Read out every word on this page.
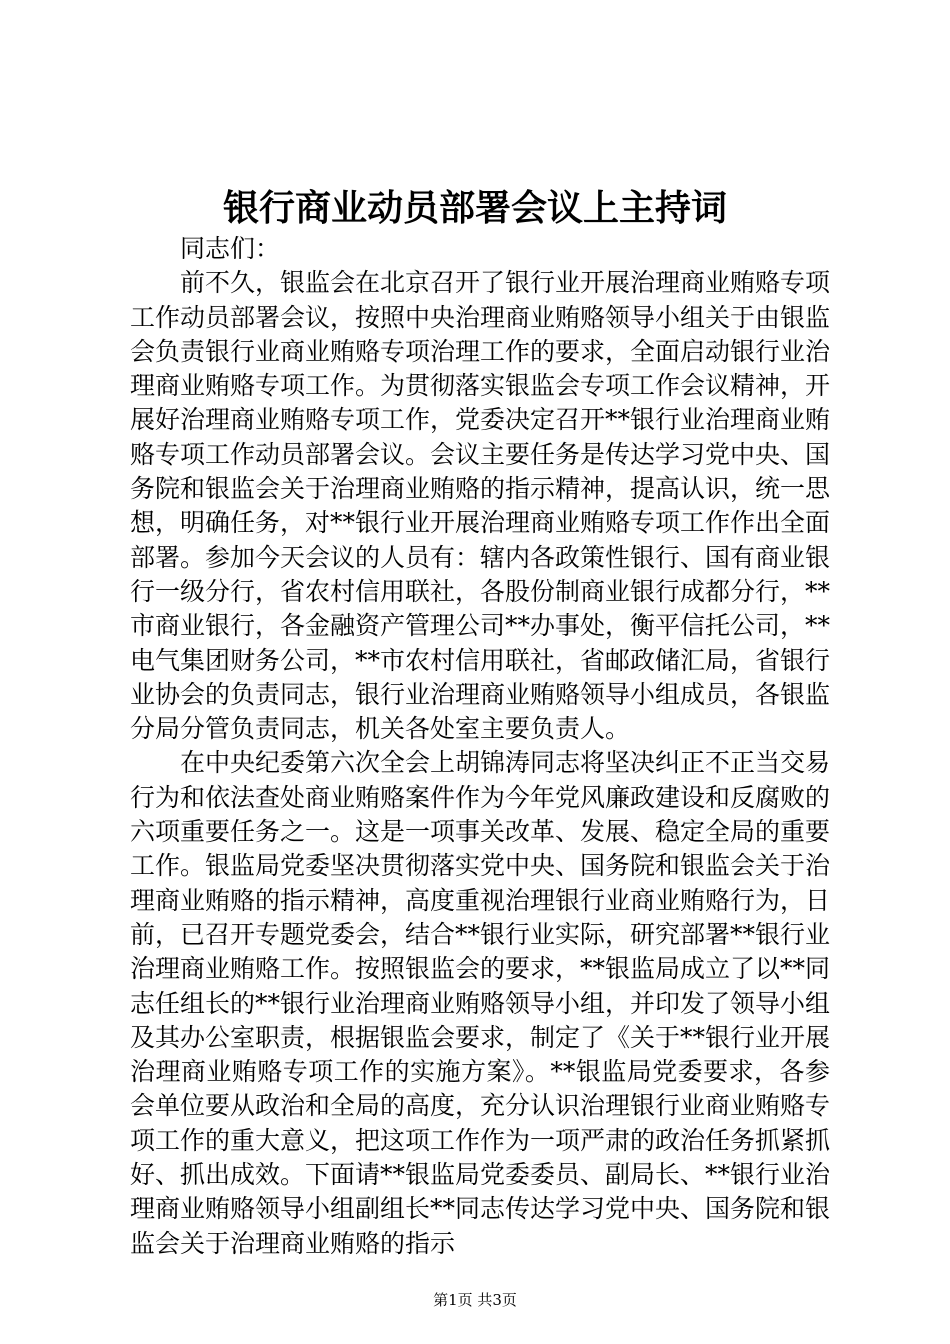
银行商业动员部署会议上主持词

同志们：

前不久，银监会在北京召开了银行业开展治理商业贿赂专项工作动员部署会议，按照中央治理商业贿赂领导小组关于由银监会负责银行业商业贿赂专项治理工作的要求，全面启动银行业治理商业贿赂专项工作。为贯彻落实银监会专项工作会议精神，开展好治理商业贿赂专项工作，党委决定召开**银行业治理商业贿赂专项工作动员部署会议。会议主要任务是传达学习党中央、国务院和银监会关于治理商业贿赂的指示精神，提高认识，统一思想，明确任务，对**银行业开展治理商业贿赂专项工作作出全面部署。参加今天会议的人员有：辖内各政策性银行、国有商业银行一级分行，省农村信用联社，各股份制商业银行成都分行，**市商业银行，各金融资产管理公司**办事处，衡平信托公司，**电气集团财务公司，**市农村信用联社，省邮政储汇局，省银行业协会的负责同志，银行业治理商业贿赂领导小组成员，各银监分局分管负责同志，机关各处室主要负责人。

在中央纪委第六次全会上胡锦涛同志将坚决纠正不正当交易行为和依法查处商业贿赂案件作为今年党风廉政建设和反腐败的六项重要任务之一。这是一项事关改革、发展、稳定全局的重要工作。银监局党委坚决贯彻落实党中央、国务院和银监会关于治理商业贿赂的指示精神，高度重视治理银行业商业贿赂行为，日前，已召开专题党委会，结合**银行业实际，研究部署**银行业治理商业贿赂工作。按照银监会的要求，**银监局成立了以**同志任组长的**银行业治理商业贿赂领导小组，并印发了领导小组及其办公室职责，根据银监会要求，制定了《关于**银行业开展治理商业贿赂专项工作的实施方案》。**银监局党委要求，各参会单位要从政治和全局的高度，充分认识治理银行业商业贿赂专项工作的重大意义，把这项工作作为一项严肃的政治任务抓紧抓好、抓出成效。下面请**银监局党委委员、副局长、**银行业治理商业贿赂领导小组副组长**同志传达学习党中央、国务院和银监会关于治理商业贿赂的指示

第1页 共3页
